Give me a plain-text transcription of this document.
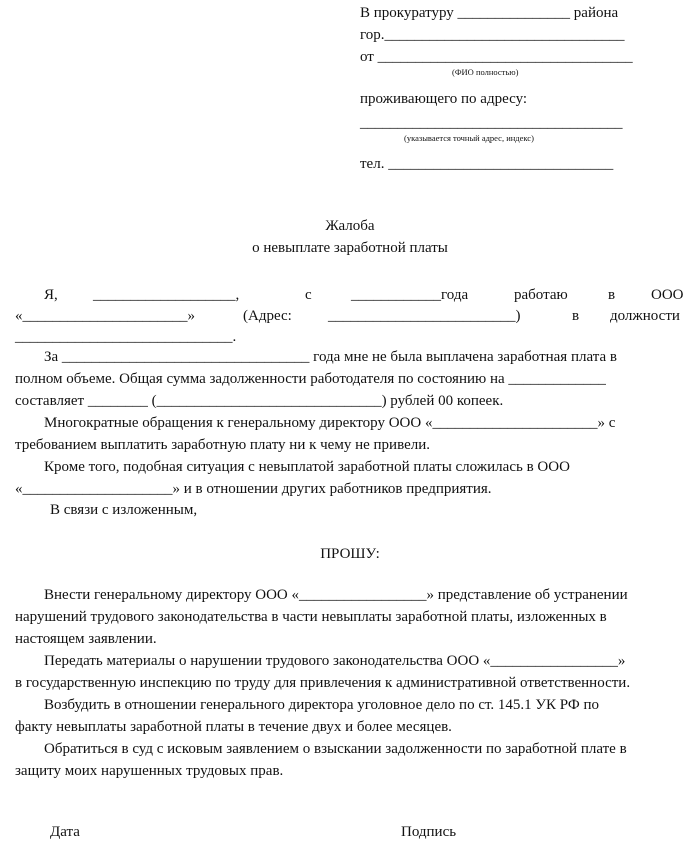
В прокуратуру _______________ района
гор.________________________________
от __________________________________
(ФИО полностью)
проживающего по адресу:
___________________________________
(указывается точный адрес, индекс)
тел. ______________________________
Жалоба
о невыплате заработной платы
Я, ___________________,	с	____________года	работаю	в ООО
«______________________»	(Адрес: _________________________)	в должности
_____________________________.
За _________________________________ года мне не была выплачена заработная плата в
полном объеме. Общая сумма задолженности работодателя по состоянию на _____________
составляет ________ (______________________________) рублей 00 копеек.
Многократные обращения к генеральному директору ООО «______________________» с
требованием выплатить заработную плату ни к чему не привели.
Кроме того, подобная ситуация с невыплатой заработной платы сложилась в ООО
«____________________» и в отношении других работников предприятия.
В связи с изложенным,
ПРОШУ:
Внести генеральному директору ООО «_________________» представление об устранении
нарушений трудового законодательства в части невыплаты заработной платы, изложенных в
настоящем заявлении.
Передать материалы о нарушении трудового законодательства ООО «_________________»
в государственную инспекцию по труду для привлечения к административной ответственности.
Возбудить в отношении генерального директора уголовное дело по ст. 145.1 УК РФ по
факту невыплаты заработной платы в течение двух и более месяцев.
Обратиться в суд с исковым заявлением о взыскании задолженности по заработной плате в
защиту моих нарушенных трудовых прав.
Дата	Подпись
